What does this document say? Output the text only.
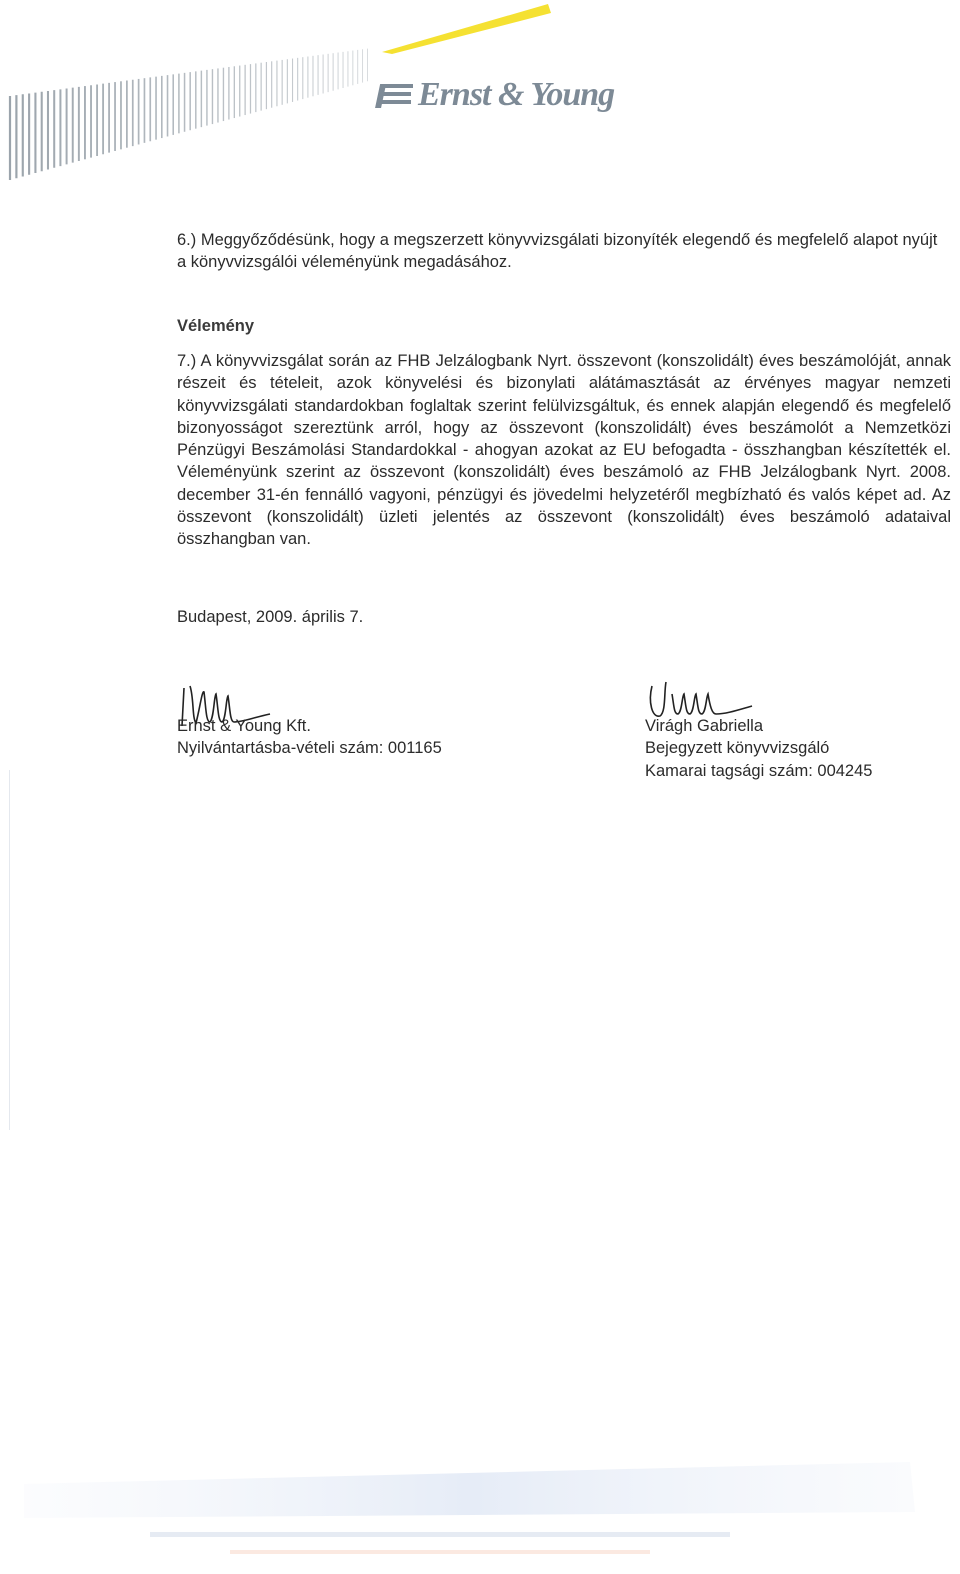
Ernst & Young
6.) Meggyőződésünk, hogy a megszerzett könyvvizsgálati bizonyíték elegendő és megfelelő alapot nyújt a könyvvizsgálói véleményünk megadásához.
Vélemény
7.) A könyvvizsgálat során az FHB Jelzálogbank Nyrt. összevont (konszolidált) éves beszámolóját, annak részeit és tételeit, azok könyvelési és bizonylati alátámasztását az érvényes magyar nemzeti könyvvizsgálati standardokban foglaltak szerint felülvizsgáltuk, és ennek alapján elegendő és megfelelő bizonyosságot szereztünk arról, hogy az összevont (konszolidált) éves beszámolót a Nemzetközi Pénzügyi Beszámolási Standardokkal - ahogyan azokat az EU befogadta - összhangban készítették el. Véleményünk szerint az összevont (konszolidált) éves beszámoló az FHB Jelzálogbank Nyrt. 2008. december 31-én fennálló vagyoni, pénzügyi és jövedelmi helyzetéről megbízható és valós képet ad. Az összevont (konszolidált) üzleti jelentés az összevont (konszolidált) éves beszámoló adataival összhangban van.
Budapest, 2009. április 7.
Ernst & Young Kft.
Nyilvántartásba-vételi szám: 001165
Virágh Gabriella
Bejegyzett könyvvizsgáló
Kamarai tagsági szám: 004245
